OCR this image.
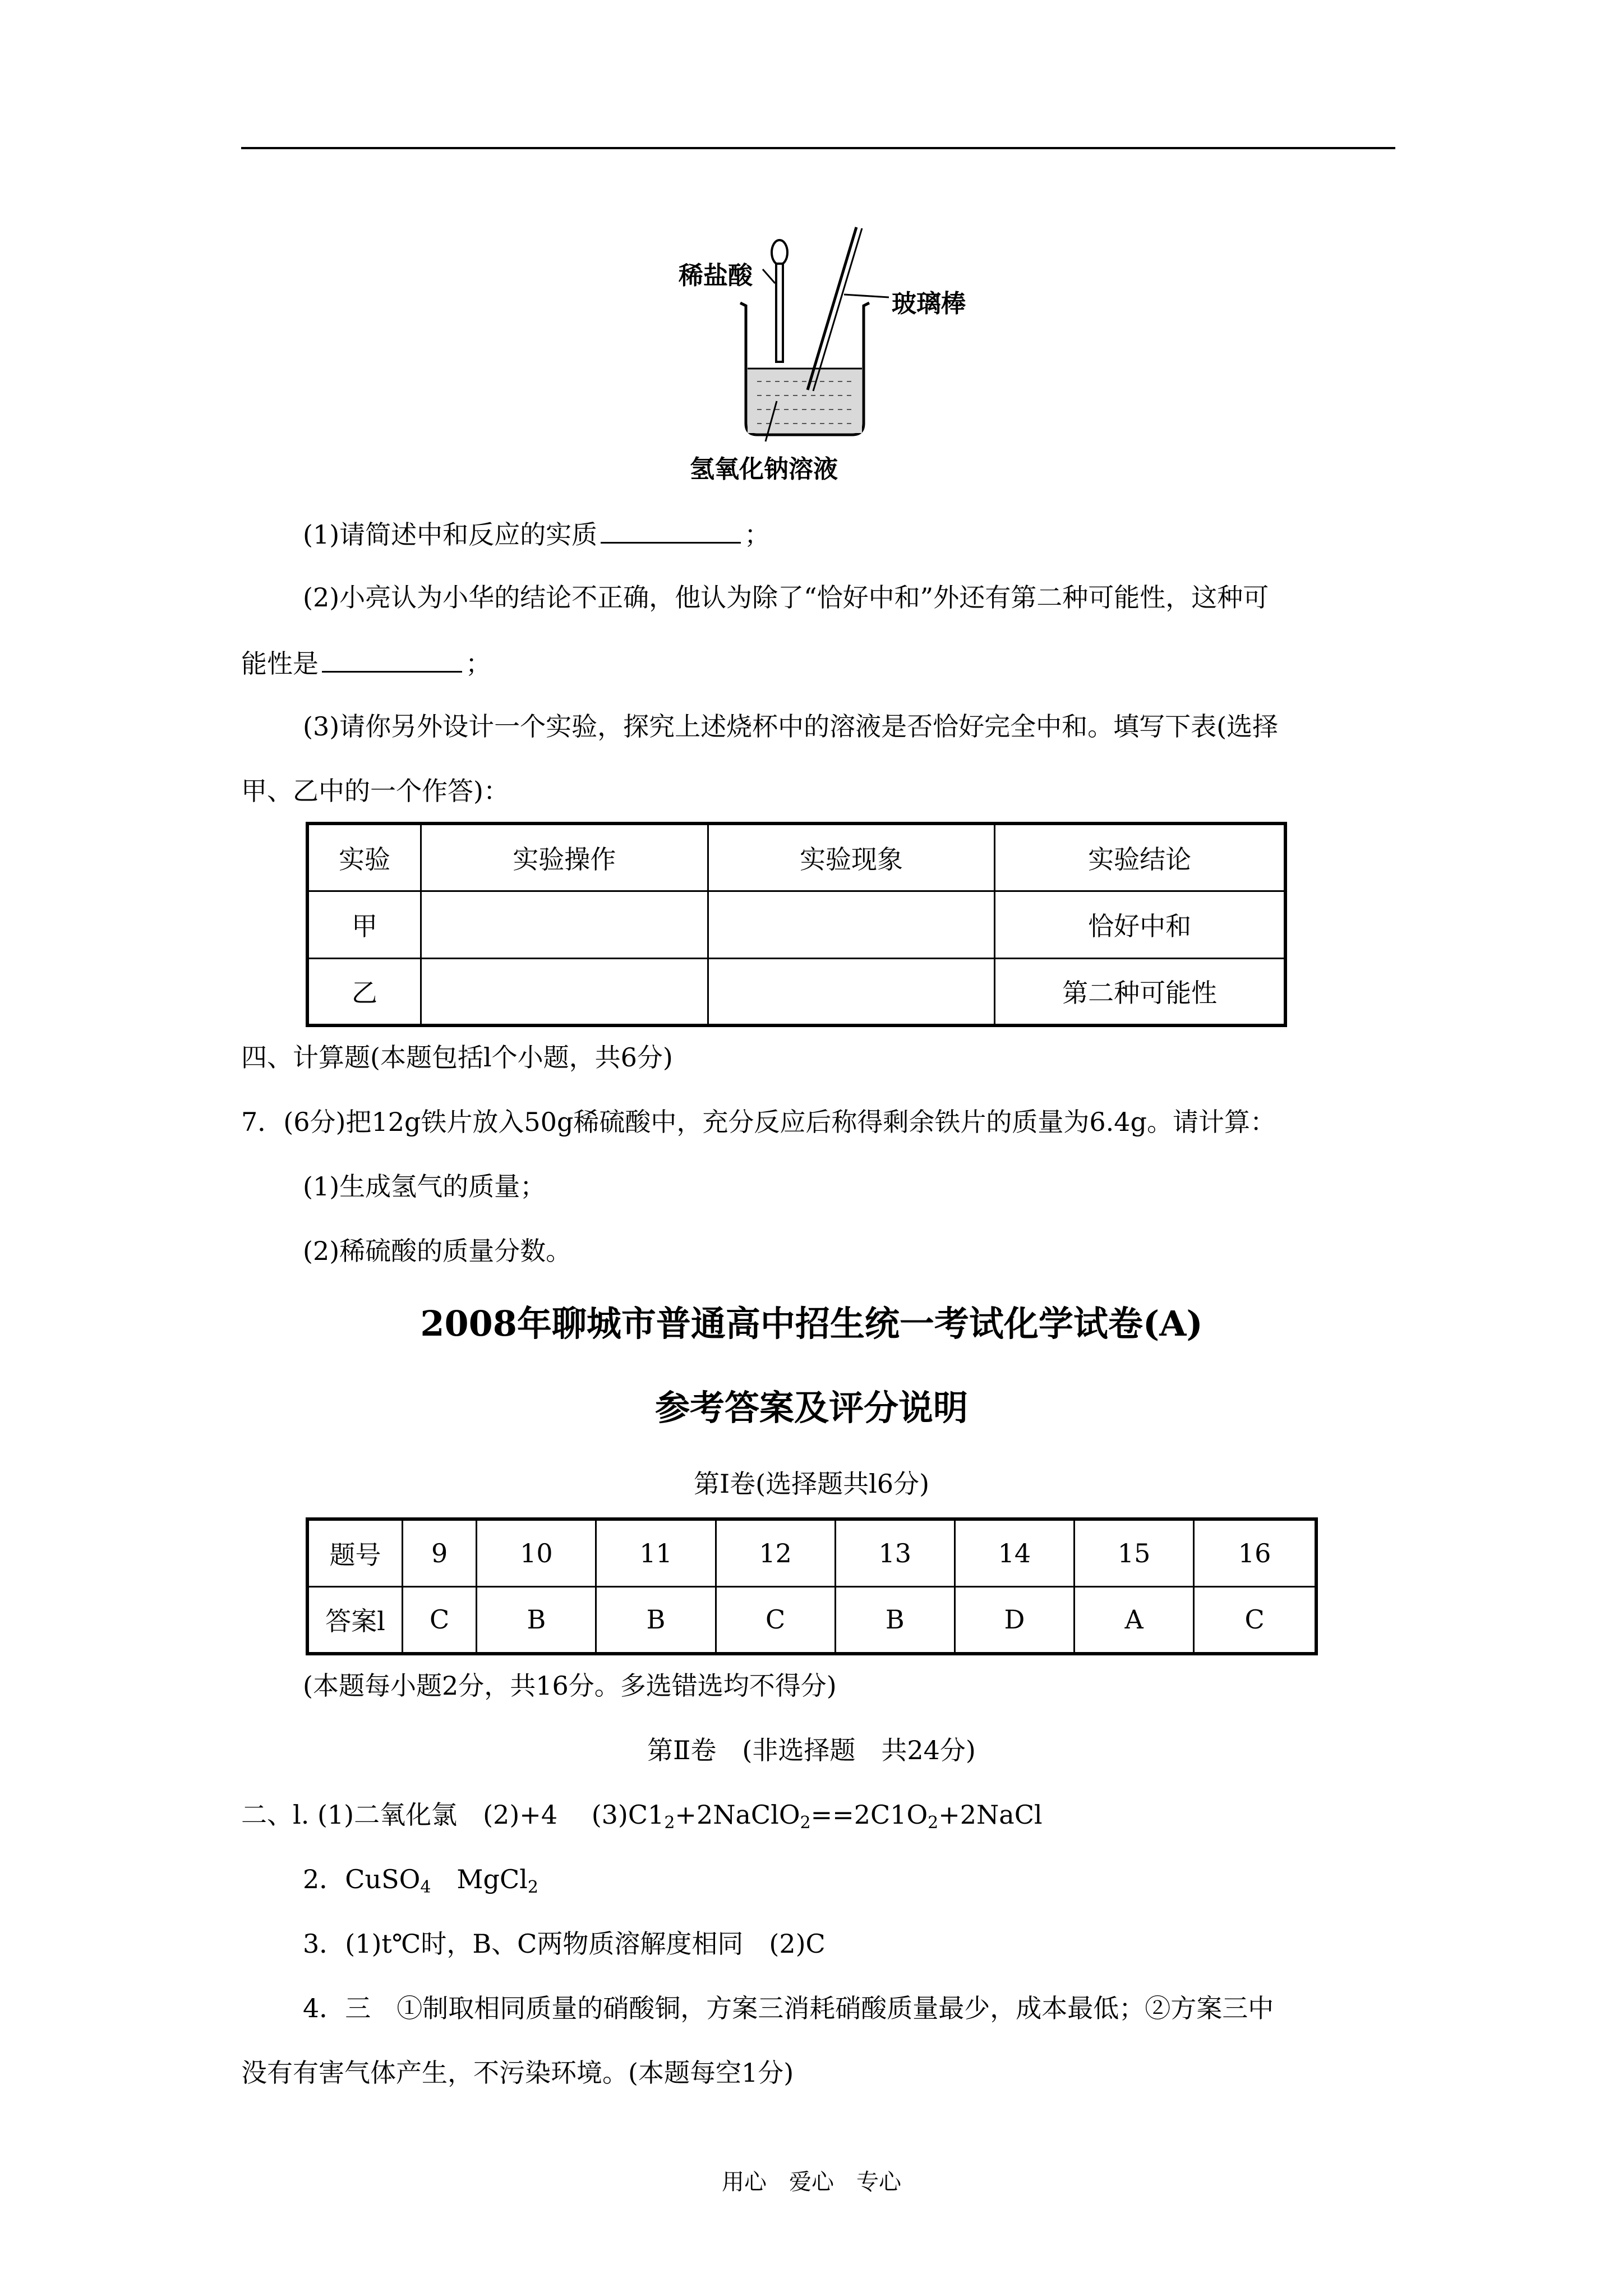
稀盐酸
玻璃棒
氢氧化钠溶液
(1)请简述中和反应的实质	；
(2)小亮认为小华的结论不正确，他认为除了“恰好中和”外还有第二种可能性，这种可
能性是	；
(3)请你另外设计一个实验，探究上述烧杯中的溶液是否恰好完全中和。填写下表(选择
甲、乙中的一个作答)：
实验	实验操作	实验现象	实验结论
甲			恰好中和
乙			第二种可能性
四、计算题(本题包括l个小题，共6分)
7．(6分)把12g铁片放入50g稀硫酸中，充分反应后称得剩余铁片的质量为6.4g。请计算：
(1)生成氢气的质量；
(2)稀硫酸的质量分数。
2008年聊城市普通高中招生统一考试化学试卷(A)
参考答案及评分说明
第Ⅰ卷(选择题共l6分)
题号	9	10	11	12	13	14	15	16
答案l	C	B	B	C	B	D	A	C
(本题每小题2分，共16分。多选错选均不得分)
第Ⅱ卷　(非选择题　共24分)
二、l. (1)二氧化氯　(2)+4　 $(3)C1_2+2NaClO_2==2C1O_2+2NaCl$
2．CuSO$_4$　MgCl$_2$
3．(1)t℃时，B、C两物质溶解度相同　(2)C
4．三　①制取相同质量的硝酸铜，方案三消耗硝酸质量最少，成本最低；②方案三中
没有有害气体产生，不污染环境。(本题每空1分)
用心　爱心　专心
